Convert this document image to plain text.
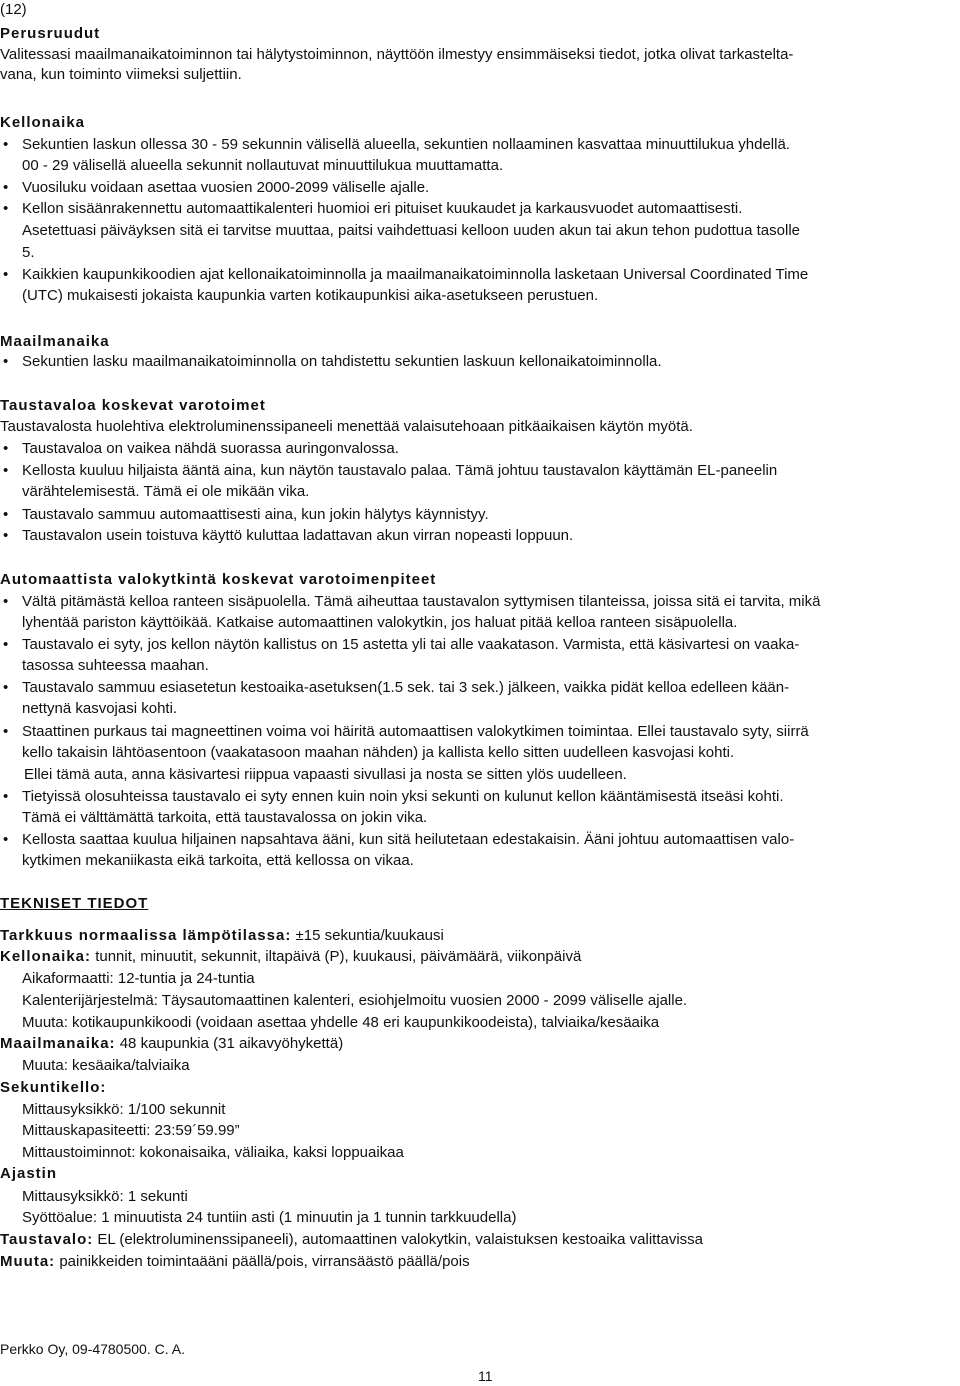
(12)
Perusruudut
Valitessasi maailmanaikatoiminnon tai hälytystoiminnon, näyttöön ilmestyy ensimmäiseksi tiedot, jotka olivat tarkasteltа-
vana, kun toiminto viimeksi suljettiin.
Kellonaika
• Sekuntien laskun ollessa 30 - 59 sekunnin välisellä alueella, sekuntien nollaaminen kasvattaa minuuttilukua yhdellä.
00 - 29 välisellä alueella sekunnit nollautuvat minuuttilukua muuttamatta.
• Vuosiluku voidaan asettaa vuosien 2000-2099 väliselle ajalle.
• Kellon sisäänrakennettu automaattikalenteri huomioi eri pituiset kuukaudet ja karkausvuodet automaattisesti.
Asetettuasi päiväyksen sitä ei tarvitse muuttaa, paitsi vaihdettuasi kelloon uuden akun tai akun tehon pudottua tasolle
5.
• Kaikkien kaupunkikoodien ajat kellonaikatoiminnolla ja maailmanaikatoiminnolla lasketaan Universal Coordinated Time
(UTC) mukaisesti jokaista kaupunkia varten kotikaupunkisi aika-asetukseen perustuen.
Maailmanaika
• Sekuntien lasku maailmanaikatoiminnolla on tahdistettu sekuntien laskuun kellonaikatoiminnolla.
Taustavaloa koskevat varotoimet
Taustavalosta huolehtiva elektroluminenssipaneeli menettää valaisutehoaan pitkäaikaisen käytön myötä.
• Taustavaloa on vaikea nähdä suorassa auringonvalossa.
• Kellosta kuuluu hiljaista ääntä aina, kun näytön taustavalo palaa. Tämä johtuu taustavalon käyttämän EL-paneelin
värähtelemisestä. Tämä ei ole mikään vika.
• Taustavalo sammuu automaattisesti aina, kun jokin hälytys käynnistyy.
• Taustavalon usein toistuva käyttö kuluttaa ladattavan akun virran nopeasti loppuun.
Automaattista valokytkintä koskevat varotoimenpiteet
• Vältä pitämästä kelloa ranteen sisäpuolella. Tämä aiheuttaa taustavalon syttymisen tilanteissa, joissa sitä ei tarvita, mikä
lyhentää pariston käyttöikää. Katkaise automaattinen valokytkin, jos haluat pitää kelloa ranteen sisäpuolella.
• Taustavalo ei syty, jos kellon näytön kallistus on 15 astetta yli tai alle vaakatason. Varmista, että käsivartesi on vaaka-
tasossa suhteessa maahan.
• Taustavalo sammuu esiasetetun kestoaika-asetuksen(1.5 sek. tai 3 sek.) jälkeen, vaikka pidät kelloa edelleen kään-
nettynä kasvojasi kohti.
• Staattinen purkaus tai magneettinen voima voi häiritä automaattisen valokytkimen toimintaa. Ellei taustavalo syty, siirrä
kello takaisin lähtöasentoon (vaakatasoon maahan nähden) ja kallista kello sitten uudelleen kasvojasi kohti.
Ellei tämä auta, anna käsivartesi riippua vapaasti sivullasi ja nosta se sitten ylös uudelleen.
• Tietyissä olosuhteissa taustavalo ei syty ennen kuin noin yksi sekunti on kulunut kellon kääntämisestä itseäsi kohti.
Tämä ei välttämättä tarkoita, että taustavalossa on jokin vika.
• Kellosta saattaa kuulua hiljainen napsahtava ääni, kun sitä heilutetaan edestakaisin. Ääni johtuu automaattisen valo-
kytkimen mekaniikasta eikä tarkoita, että kellossa on vikaa.
TEKNISET TIEDOT
Tarkkuus normaalissa lämpötilassa: ±15 sekuntia/kuukausi
Kellonaika: tunnit, minuutit, sekunnit, iltapäivä (P), kuukausi, päivämäärä, viikonpäivä
Aikaformaatti: 12-tuntia ja 24-tuntia
Kalenterijärjestelmä: Täysautomaattinen kalenteri, esiohjelmoitu vuosien 2000 - 2099 väliselle ajalle.
Muuta: kotikaupunkikoodi (voidaan asettaa yhdelle 48 eri kaupunkikoodeista), talviaika/kesäaika
Maailmanaika: 48 kaupunkia (31 aikavyöhykettä)
Muuta: kesäaika/talviaika
Sekuntikello:
Mittausyksikkö: 1/100 sekunnit
Mittauskapasiteetti: 23:59´59.99”
Mittaustoiminnot: kokonaisaika, väliaika, kaksi loppuaikaa
Ajastin
Mittausyksikkö: 1 sekunti
Syöttöalue: 1 minuutista 24 tuntiin asti (1 minuutin ja 1 tunnin tarkkuudella)
Taustavalo: EL (elektroluminenssipaneeli), automaattinen valokytkin, valaistuksen kestoaika valittavissa
Muuta: painikkeiden toimintaääni päällä/pois, virransäästö päällä/pois
Perkko Oy, 09-4780500. C. A.
11
